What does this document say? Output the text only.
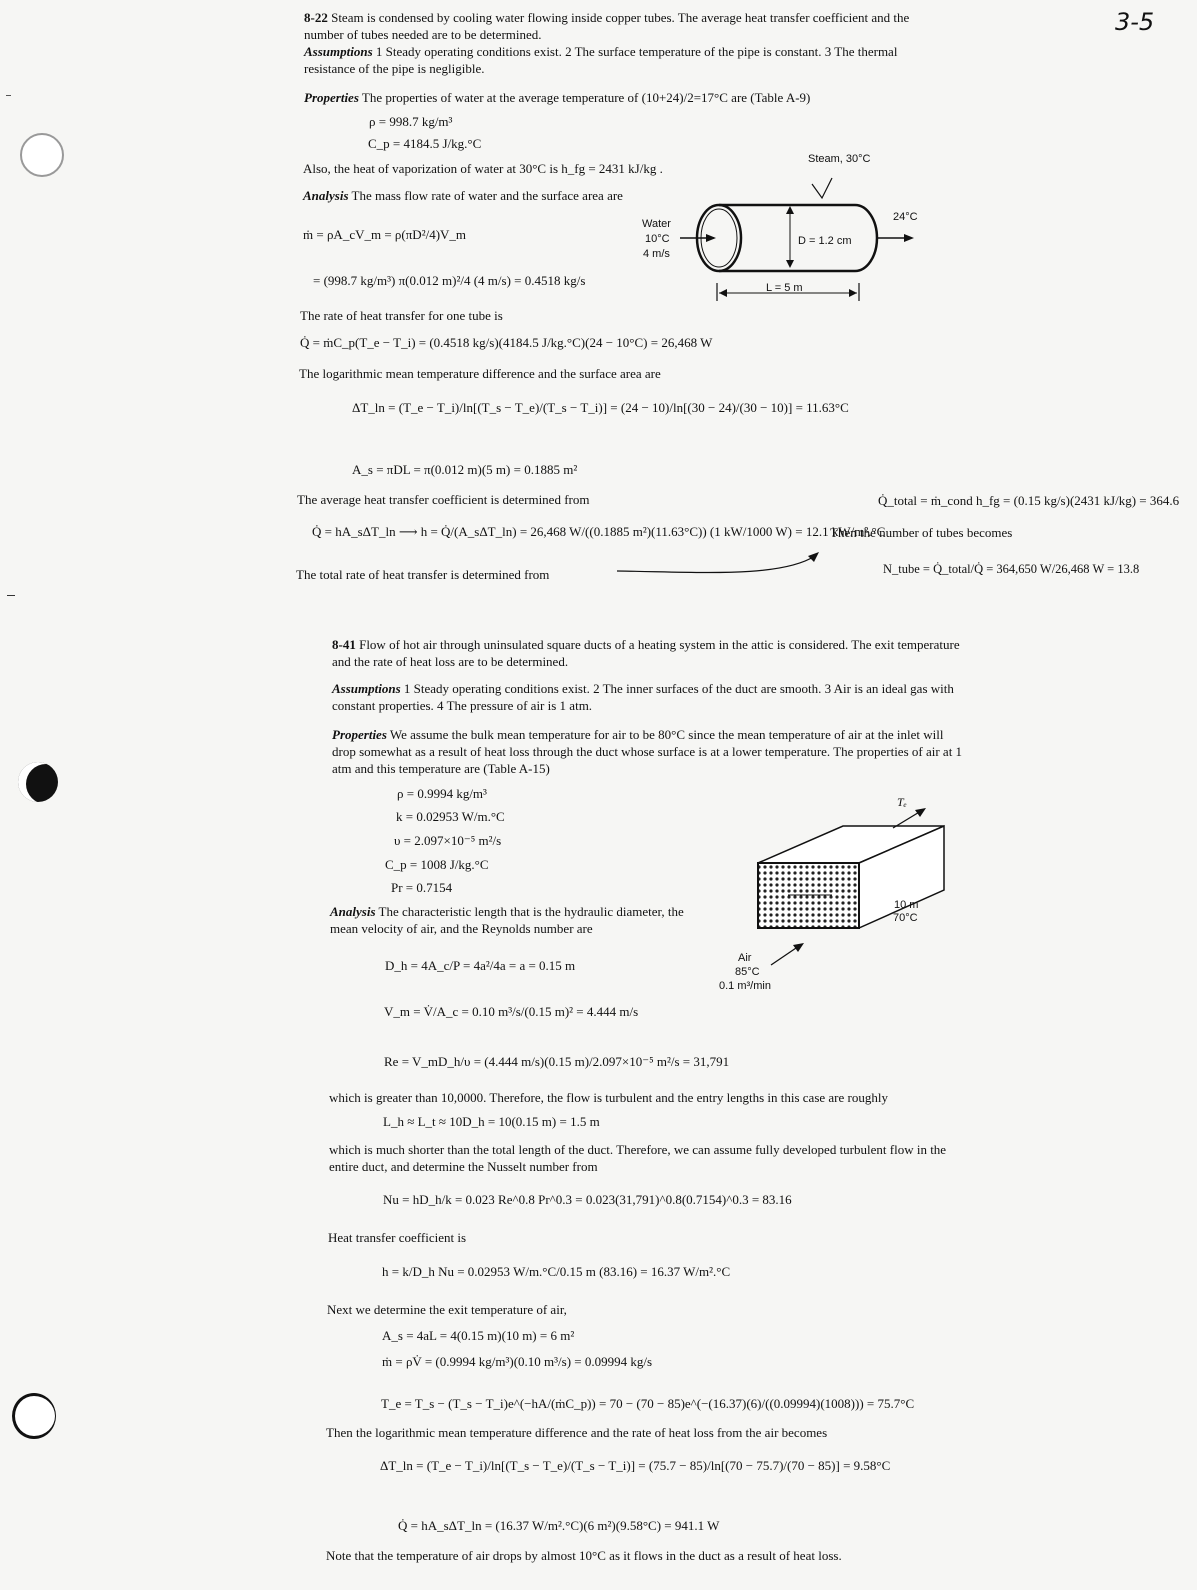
3-5
8-22 Steam is condensed by cooling water flowing inside copper tubes. The average heat transfer coefficient and the number of tubes needed are to be determined.
Assumptions 1 Steady operating conditions exist. 2 The surface temperature of the pipe is constant. 3 The thermal resistance of the pipe is negligible.
Properties The properties of water at the average temperature of (10+24)/2=17°C are (Table A-9)
ρ = 998.7 kg/m³
C_p = 4184.5 J/kg.°C
Also, the heat of vaporization of water at 30°C is h_fg = 2431 kJ/kg .
Analysis The mass flow rate of water and the surface area are
ṁ = ρA_cV_m = ρ(πD²/4)V_m
= (998.7 kg/m³) π(0.012 m)²/4 (4 m/s) = 0.4518 kg/s
Steam, 30°C
Water
10°C
4 m/s
24°C
D = 1.2 cm
L = 5 m
The rate of heat transfer for one tube is
Q̇ = ṁC_p(T_e − T_i) = (0.4518 kg/s)(4184.5 J/kg.°C)(24 − 10°C) = 26,468 W
The logarithmic mean temperature difference and the surface area are
ΔT_ln = (T_e − T_i)/ln[(T_s − T_e)/(T_s − T_i)] = (24 − 10)/ln[(30 − 24)/(30 − 10)] = 11.63°C
A_s = πDL = π(0.012 m)(5 m) = 0.1885 m²
The average heat transfer coefficient is determined from
Q̇ = hA_sΔT_ln ⟶ h = Q̇/(A_sΔT_ln) = 26,468 W/((0.1885 m²)(11.63°C)) (1 kW/1000 W) = 12.1 kW/m².°C
The total rate of heat transfer is determined from
Q̇_total = ṁ_cond h_fg = (0.15 kg/s)(2431 kJ/kg) = 364.6
Then the number of tubes becomes
N_tube = Q̇_total/Q̇ = 364,650 W/26,468 W = 13.8
8-41 Flow of hot air through uninsulated square ducts of a heating system in the attic is considered. The exit temperature and the rate of heat loss are to be determined.
Assumptions 1 Steady operating conditions exist. 2 The inner surfaces of the duct are smooth. 3 Air is an ideal gas with constant properties. 4 The pressure of air is 1 atm.
Properties We assume the bulk mean temperature for air to be 80°C since the mean temperature of air at the inlet will drop somewhat as a result of heat loss through the duct whose surface is at a lower temperature. The properties of air at 1 atm and this temperature are (Table A-15)
ρ = 0.9994 kg/m³
k = 0.02953 W/m.°C
υ = 2.097×10⁻⁵ m²/s
C_p = 1008 J/kg.°C
Pr = 0.7154
Tₑ
10 m
70°C
Air
85°C
0.1 m³/min
Analysis The characteristic length that is the hydraulic diameter, the mean velocity of air, and the Reynolds number are
D_h = 4A_c/P = 4a²/4a = a = 0.15 m
V_m = V̇/A_c = 0.10 m³/s/(0.15 m)² = 4.444 m/s
Re = V_mD_h/υ = (4.444 m/s)(0.15 m)/2.097×10⁻⁵ m²/s = 31,791
which is greater than 10,0000. Therefore, the flow is turbulent and the entry lengths in this case are roughly
L_h ≈ L_t ≈ 10D_h = 10(0.15 m) = 1.5 m
which is much shorter than the total length of the duct. Therefore, we can assume fully developed turbulent flow in the entire duct, and determine the Nusselt number from
Nu = hD_h/k = 0.023 Re^0.8 Pr^0.3 = 0.023(31,791)^0.8(0.7154)^0.3 = 83.16
Heat transfer coefficient is
h = k/D_h Nu = 0.02953 W/m.°C/0.15 m (83.16) = 16.37 W/m².°C
Next we determine the exit temperature of air,
A_s = 4aL = 4(0.15 m)(10 m) = 6 m²
ṁ = ρV̇ = (0.9994 kg/m³)(0.10 m³/s) = 0.09994 kg/s
T_e = T_s − (T_s − T_i)e^(−hA/(ṁC_p)) = 70 − (70 − 85)e^(−(16.37)(6)/((0.09994)(1008))) = 75.7°C
Then the logarithmic mean temperature difference and the rate of heat loss from the air becomes
ΔT_ln = (T_e − T_i)/ln[(T_s − T_e)/(T_s − T_i)] = (75.7 − 85)/ln[(70 − 75.7)/(70 − 85)] = 9.58°C
Q̇ = hA_sΔT_ln = (16.37 W/m².°C)(6 m²)(9.58°C) = 941.1 W
Note that the temperature of air drops by almost 10°C as it flows in the duct as a result of heat loss.
